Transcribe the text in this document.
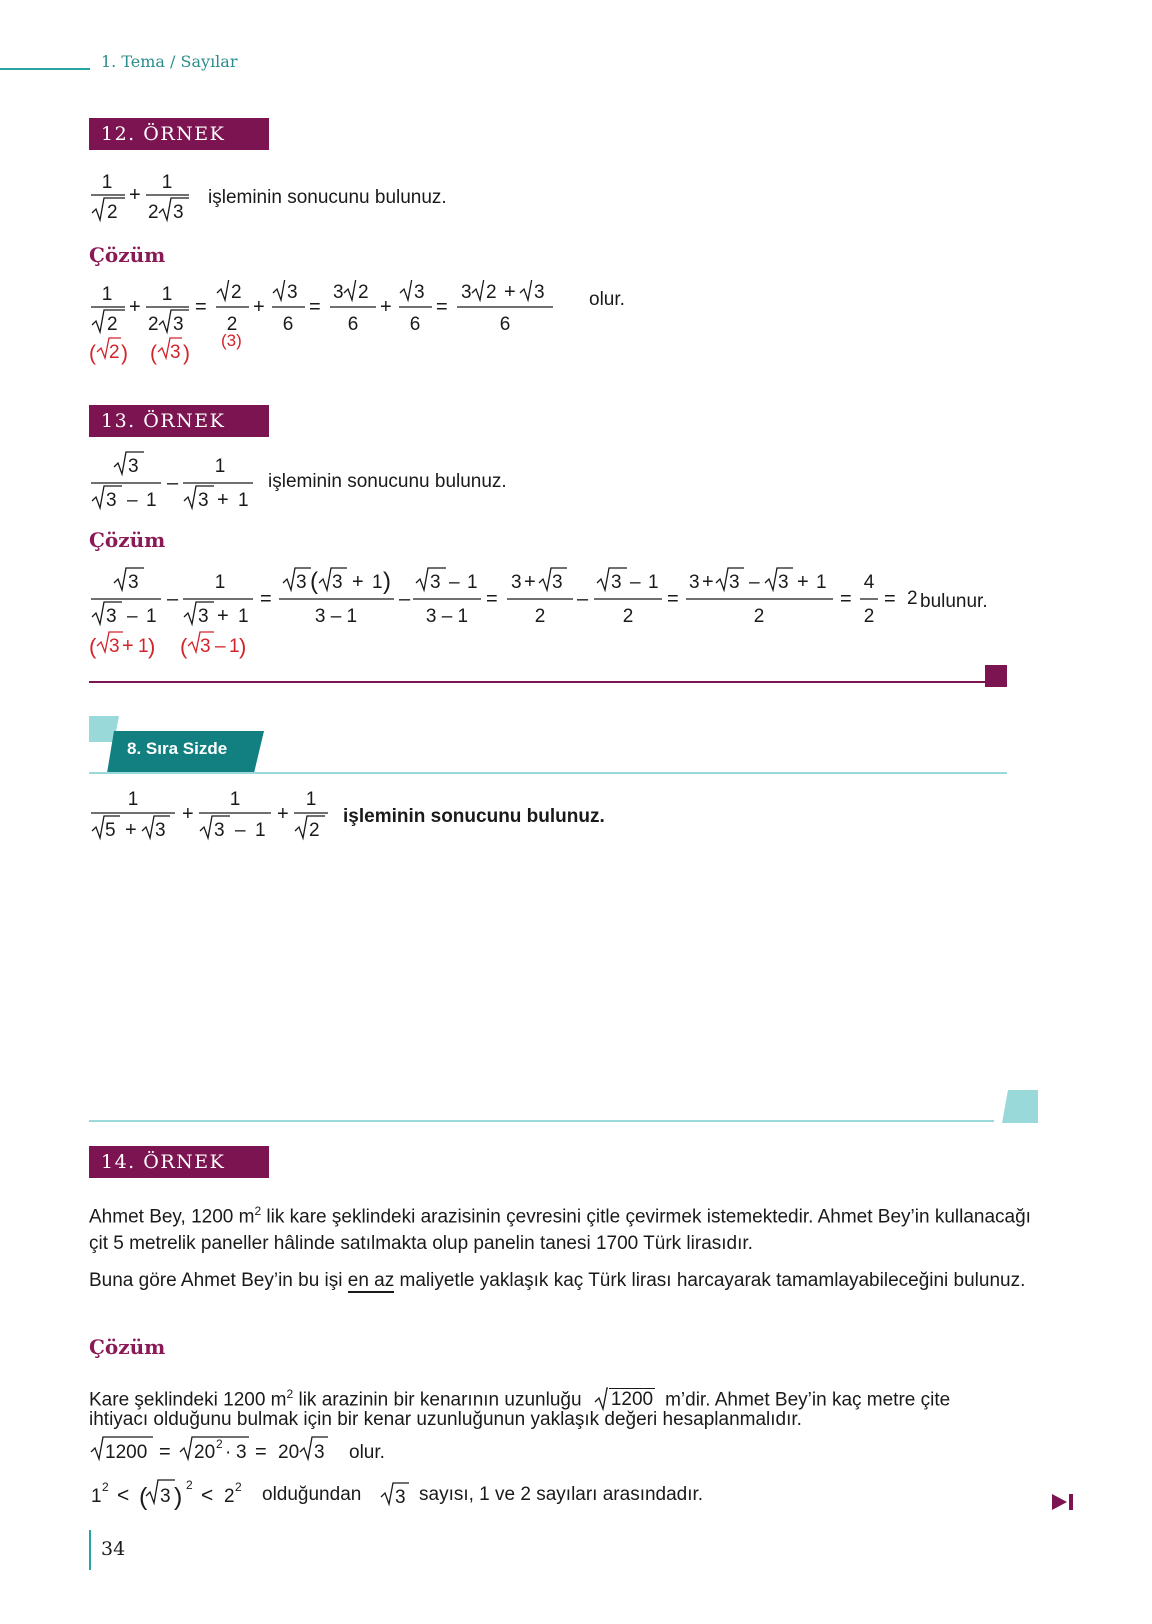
1. Tema / Sayılar
12. ÖRNEK
1
2
+
1
2 3
işleminin sonucunu bulunuz.
Çözüm
1
2
+
1
2 3
=
2
2
+
3
6
=
3 2
6
+
3
6
=
3 2 + 3
6
( 2 ) ( 3 )
(3)
olur.
13. ÖRNEK
3
3 – 1
–
1
3 + 1
işleminin sonucunu bulunuz.
Çözüm
3
3 – 1
–
1
3 + 1
=
3 ( 3 + 1 )
3 – 1
–
3 – 1
3 – 1
=
3 + 3
2
–
3 – 1
2
=
3 + 3 – 3 + 1
2
=
4
2
= 2
( 3 + 1 ) ( 3 – 1 )
bulunur.
8. Sıra Sizde
1
5 + 3
+
1
3 – 1
+
1
2
işleminin sonucunu bulunuz.
14. ÖRNEK
Ahmet Bey, 1200 $m^2$ lik kare şeklindeki arazisinin çevresini çitle çevirmek istemektedir. Ahmet Bey’in kullanacağı çit 5 metrelik paneller hâlinde satılmakta olup panelin tanesi 1700 Türk lirasıdır.
Buna göre Ahmet Bey’in bu işi en az maliyetle yaklaşık kaç Türk lirası harcayarak tamamlayabileceğini bulunuz.
Çözüm
Kare şeklindeki 1200 $m^2$ lik arazinin bir kenarının uzunluğu 1200 m’dir. Ahmet Bey’in kaç metre çite
ihtiyacı olduğunu bulmak için bir kenar uzunluğunun yaklaşık değeri hesaplanmalıdır.
1200 = 20 2 · 3 = 20 3 olur.
1 2 < ( 3 ) 2 < 2 2 olduğundan 3 sayısı, 1 ve 2 sayıları arasındadır.
34
